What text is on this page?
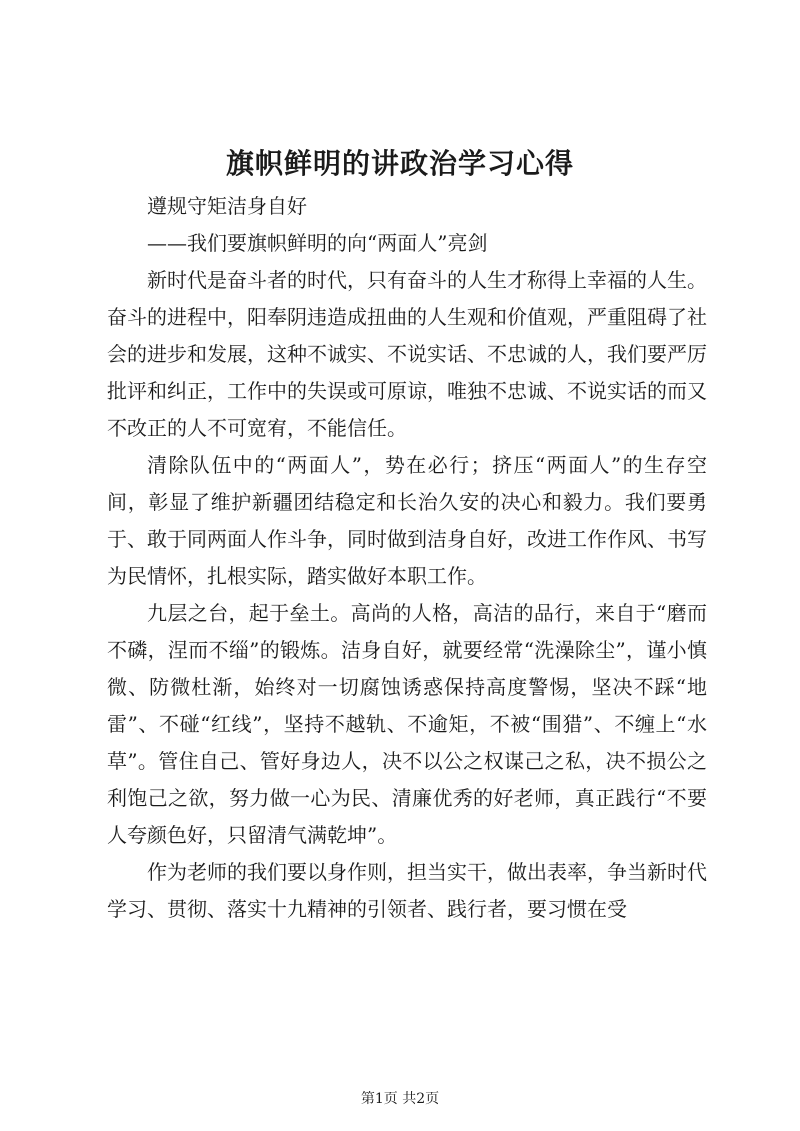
旗帜鲜明的讲政治学习心得

遵规守矩洁身自好

——我们要旗帜鲜明的向“两面人”亮剑

新时代是奋斗者的时代，只有奋斗的人生才称得上幸福的人生。奋斗的进程中，阳奉阴违造成扭曲的人生观和价值观，严重阻碍了社会的进步和发展，这种不诚实、不说实话、不忠诚的人，我们要严厉批评和纠正，工作中的失误或可原谅，唯独不忠诚、不说实话的而又不改正的人不可宽宥，不能信任。

清除队伍中的“两面人”，势在必行；挤压“两面人”的生存空间，彰显了维护新疆团结稳定和长治久安的决心和毅力。我们要勇于、敢于同两面人作斗争，同时做到洁身自好，改进工作作风、书写为民情怀，扎根实际，踏实做好本职工作。

九层之台，起于垒土。高尚的人格，高洁的品行，来自于“磨而不磷，涅而不缁”的锻炼。洁身自好，就要经常“洗澡除尘”，谨小慎微、防微杜渐，始终对一切腐蚀诱惑保持高度警惕，坚决不踩“地雷”、不碰“红线”，坚持不越轨、不逾矩，不被“围猎”、不缠上“水草”。管住自己、管好身边人，决不以公之权谋己之私，决不损公之利饱己之欲，努力做一心为民、清廉优秀的好老师，真正践行“不要人夸颜色好，只留清气满乾坤”。

作为老师的我们要以身作则，担当实干，做出表率，争当新时代学习、贯彻、落实十九精神的引领者、践行者，要习惯在受

第1页 共2页
